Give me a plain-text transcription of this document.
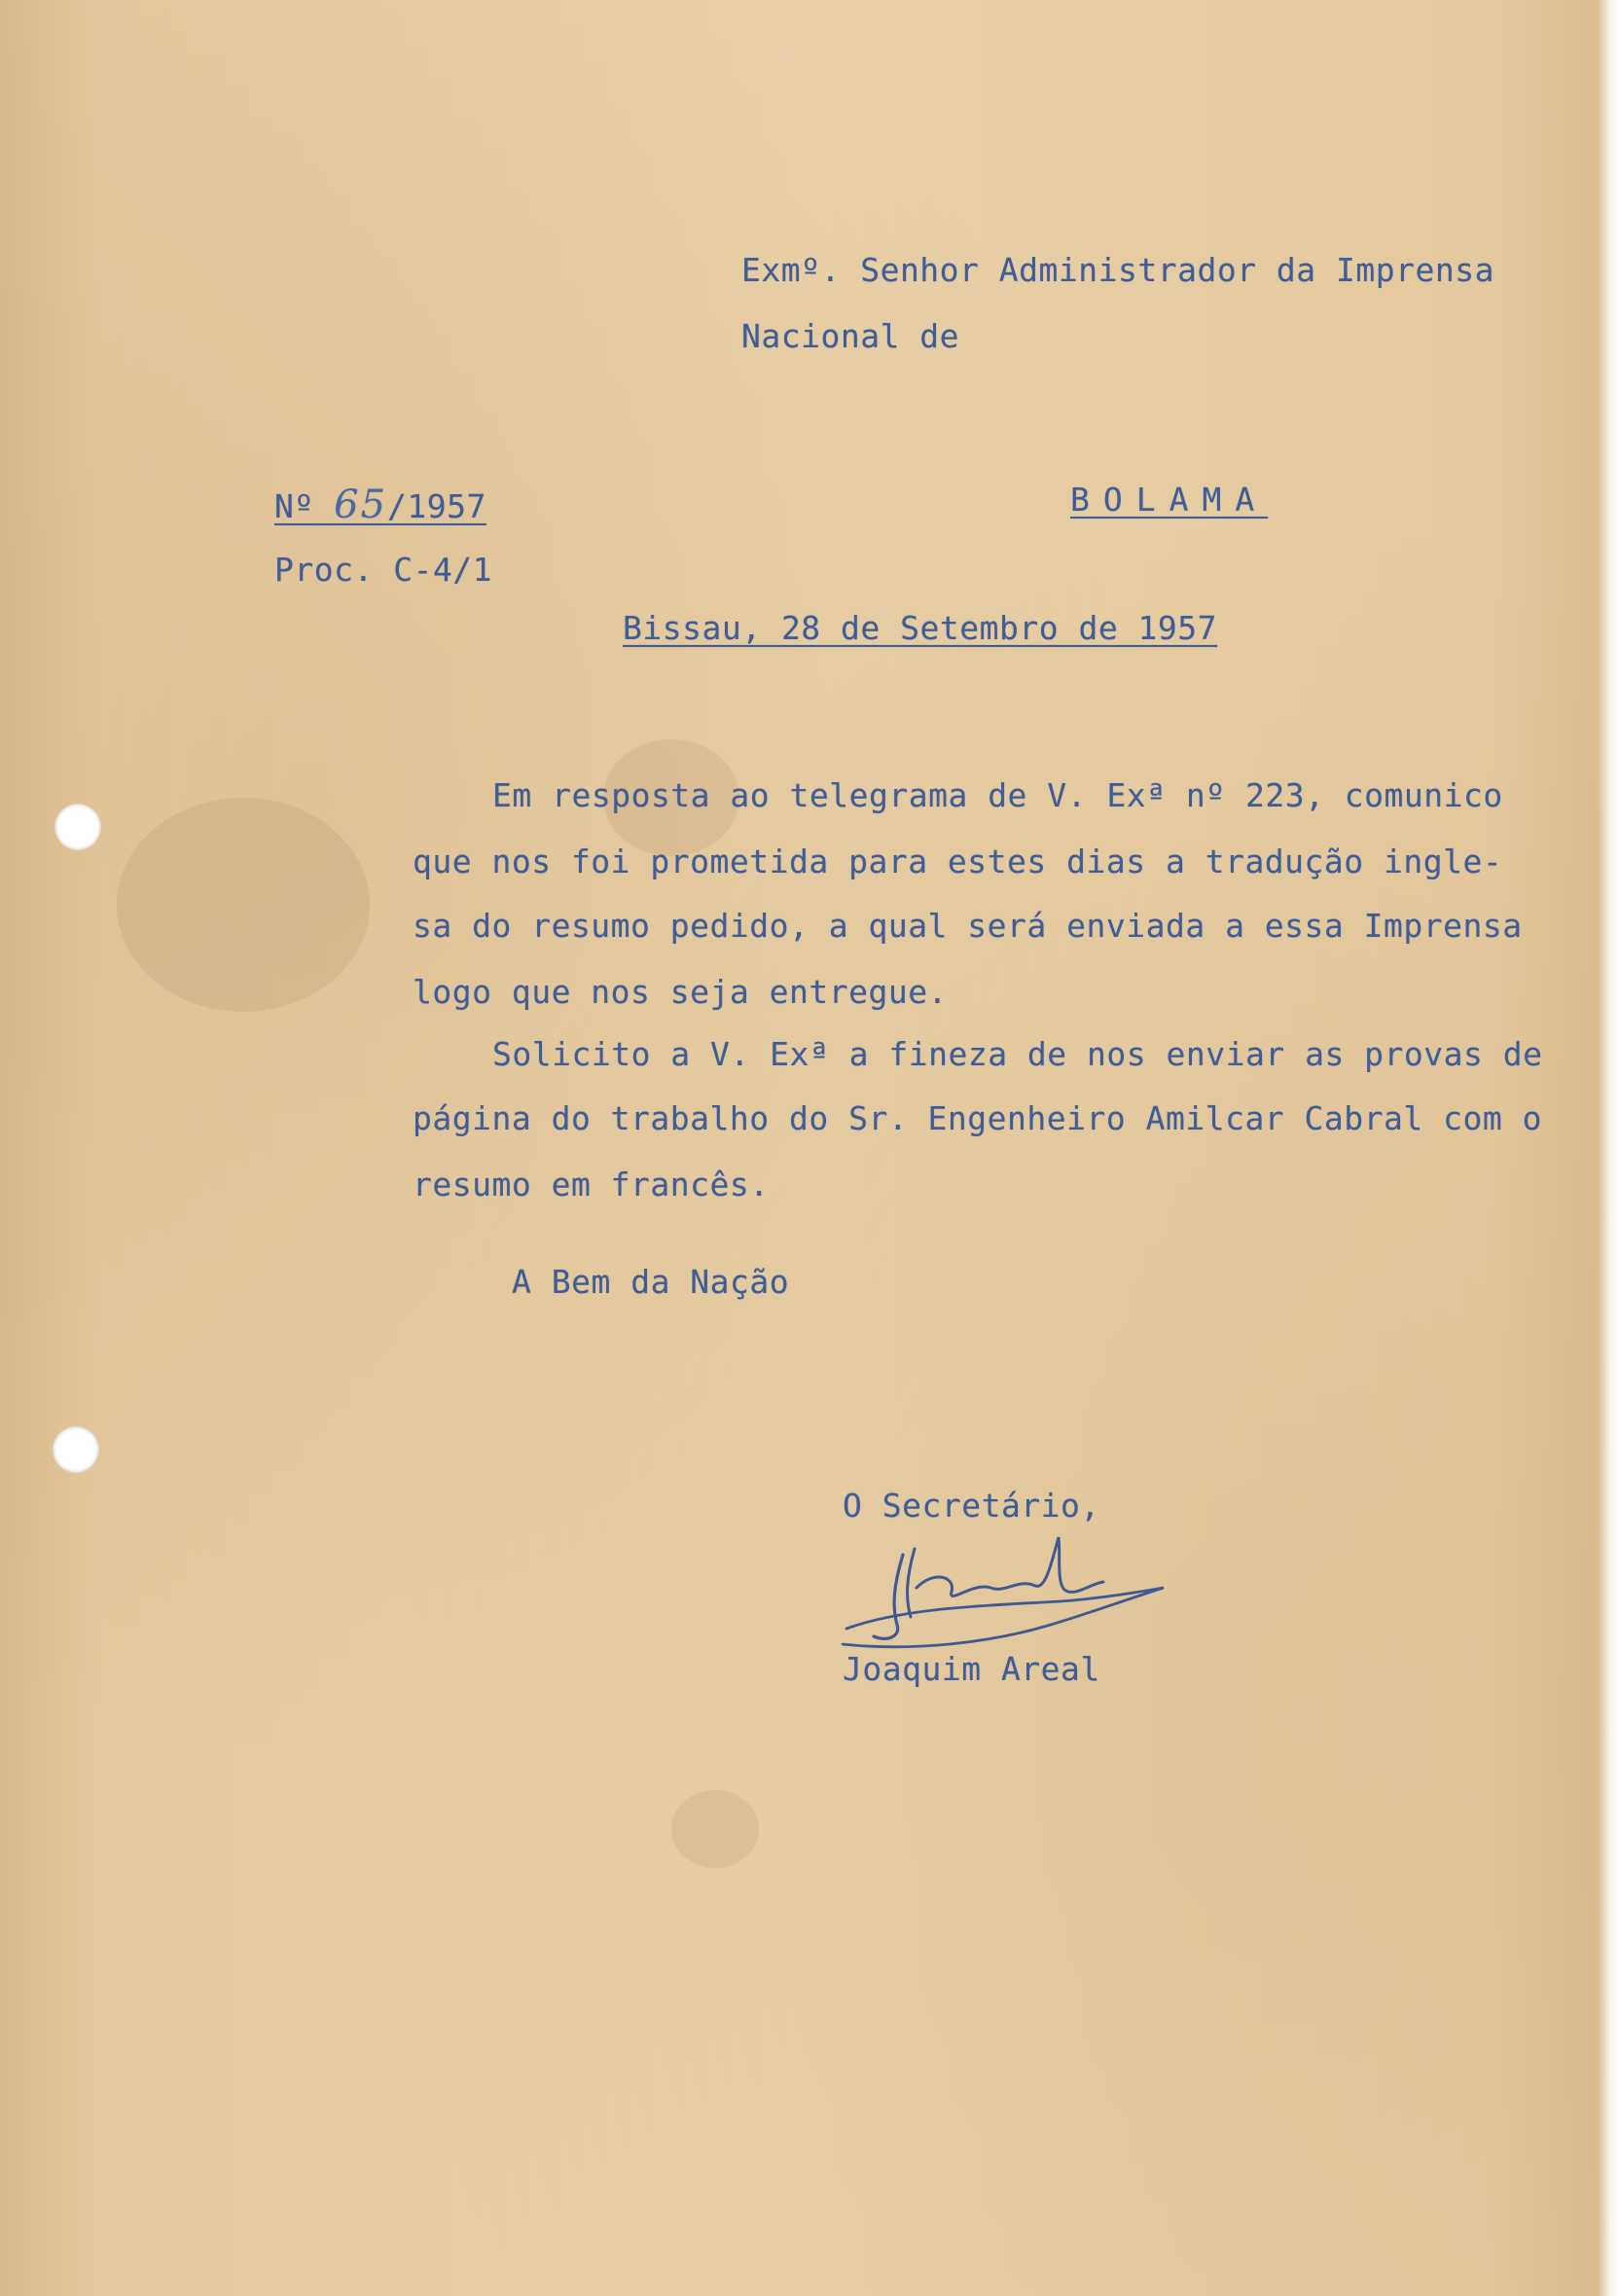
Exmº. Senhor Administrador da Imprensa
Nacional de
Nº 65/1957	BOLAMA
Proc. C-4/1
Bissau, 28 de Setembro de 1957
Em resposta ao telegrama de V. Exª nº 223, comunico
que nos foi prometida para estes dias a tradução ingle-
sa do resumo pedido, a qual será enviada a essa Imprensa
logo que nos seja entregue.
Solicito a V. Exª a fineza de nos enviar as provas de
página do trabalho do Sr. Engenheiro Amilcar Cabral com o
resumo em francês.
A Bem da Nação
O Secretário,
Joaquim Areal
